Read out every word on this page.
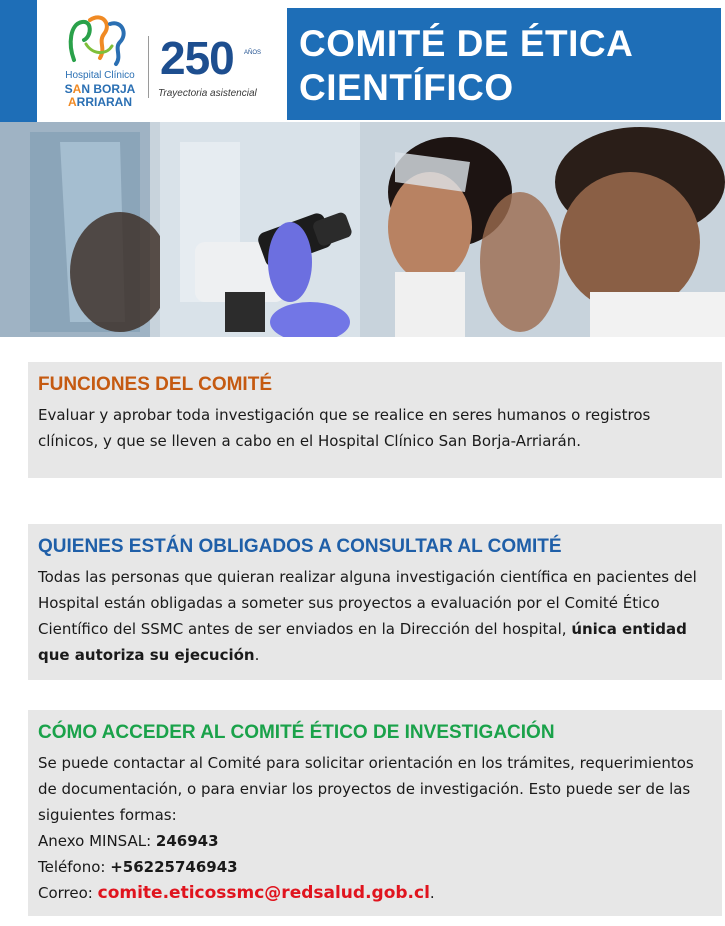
Hospital Clínico
SAN BORJA
ARRIARAN
250 AÑOS
Trayectoria asistencial
COMITÉ DE ÉTICA
CIENTÍFICO
FUNCIONES DEL COMITÉ
Evaluar y aprobar toda investigación que se realice en seres humanos o registros clínicos, y que se lleven a cabo en el Hospital Clínico San Borja-Arriarán.
QUIENES ESTÁN OBLIGADOS A CONSULTAR AL COMITÉ
Todas las personas que quieran realizar alguna investigación científica en pacientes del Hospital están obligadas a someter sus proyectos a evaluación por el Comité Ético Científico del SSMC antes de ser enviados en la Dirección del hospital, única entidad que autoriza su ejecución.
CÓMO ACCEDER AL COMITÉ ÉTICO DE INVESTIGACIÓN
Se puede contactar al Comité para solicitar orientación en los trámites, requerimientos de documentación, o para enviar los proyectos de investigación. Esto puede ser de las siguientes formas:
Anexo MINSAL: 246943
Teléfono: +56225746943
Correo: comite.eticossmc@redsalud.gob.cl.
